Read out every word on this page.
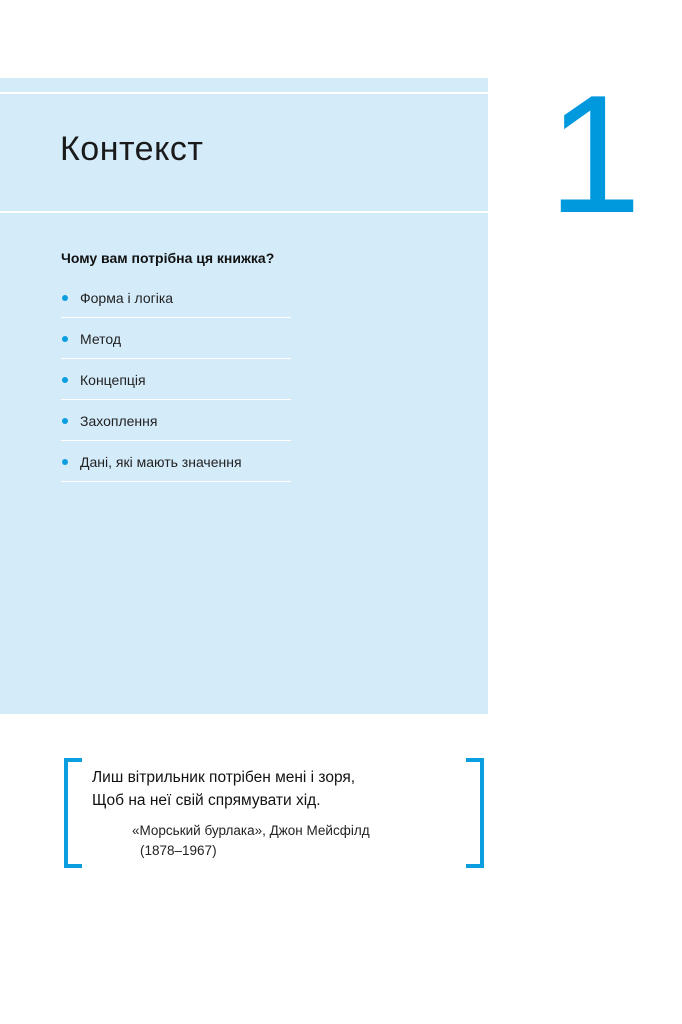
Контекст
Чому вам потрібна ця книжка?
Форма і логіка
Метод
Концепція
Захоплення
Дані, які мають значення
1
Лиш вітрильник потрібен мені і зоря,
Щоб на неї свій спрямувати хід.
«Морський бурлака», Джон Мейсфілд
(1878–1967)
